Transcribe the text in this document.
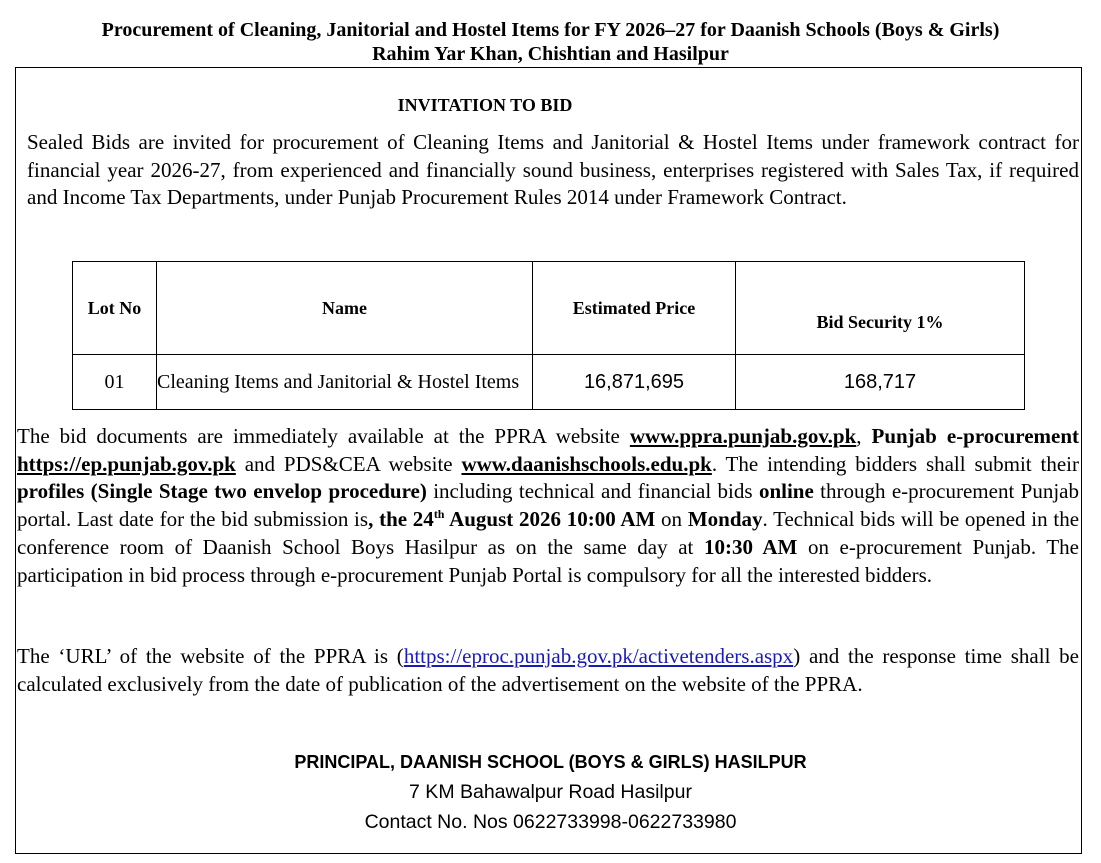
Procurement of Cleaning, Janitorial and Hostel Items for FY 2026–27 for Daanish Schools (Boys & Girls)
Rahim Yar Khan, Chishtian and Hasilpur
INVITATION TO BID
Sealed Bids are invited for procurement of Cleaning Items and Janitorial & Hostel Items under framework contract for financial year 2026-27, from experienced and financially sound business, enterprises registered with Sales Tax, if required and Income Tax Departments, under Punjab Procurement Rules 2014 under Framework Contract.
Lot No	Name	Estimated Price	Bid Security 1%

01	Cleaning Items and Janitorial & Hostel Items	16,871,695	168,717
The bid documents are immediately available at the PPRA website www.ppra.punjab.gov.pk, Punjab e-procurement https://ep.punjab.gov.pk and PDS&CEA website www.daanishschools.edu.pk. The intending bidders shall submit their profiles (Single Stage two envelop procedure) including technical and financial bids online through e-procurement Punjab portal. Last date for the bid submission is, the 24th August 2026 10:00 AM on Monday. Technical bids will be opened in the conference room of Daanish School Boys Hasilpur as on the same day at 10:30 AM on e-procurement Punjab. The participation in bid process through e-procurement Punjab Portal is compulsory for all the interested bidders.
The ‘URL’ of the website of the PPRA is (https://eproc.punjab.gov.pk/activetenders.aspx) and the response time shall be calculated exclusively from the date of publication of the advertisement on the website of the PPRA.
PRINCIPAL, DAANISH SCHOOL (BOYS & GIRLS) HASILPUR
7 KM Bahawalpur Road Hasilpur
Contact No. Nos 0622733998-0622733980
